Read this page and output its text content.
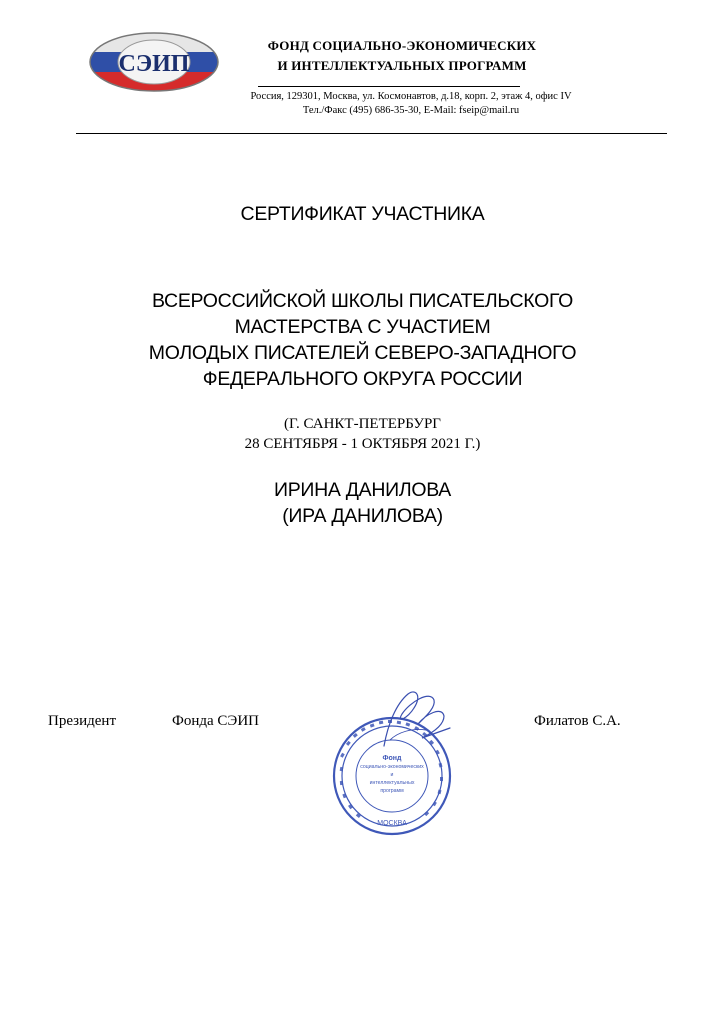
СЭИП
ФОНД СОЦИАЛЬНО-ЭКОНОМИЧЕСКИХ
И ИНТЕЛЛЕКТУАЛЬНЫХ ПРОГРАММ
Россия, 129301, Москва, ул. Космонавтов, д.18, корп. 2, этаж 4, офис IV
Тел./Факс (495) 686-35-30, E-Mail: fseip@mail.ru
СЕРТИФИКАТ УЧАСТНИКА
ВСЕРОССИЙСКОЙ ШКОЛЫ ПИСАТЕЛЬСКОГО
МАСТЕРСТВА С УЧАСТИЕМ
МОЛОДЫХ ПИСАТЕЛЕЙ СЕВЕРО-ЗАПАДНОГО
ФЕДЕРАЛЬНОГО ОКРУГА РОССИИ
(Г. САНКТ-ПЕТЕРБУРГ
28 СЕНТЯБРЯ - 1 ОКТЯБРЯ 2021 Г.)
ИРИНА ДАНИЛОВА
(ИРА ДАНИЛОВА)
Президент	Фонда СЭИП	Филатов С.А.
Фонд
социально-экономических
и
интеллектуальных
программ
МОСКВА
